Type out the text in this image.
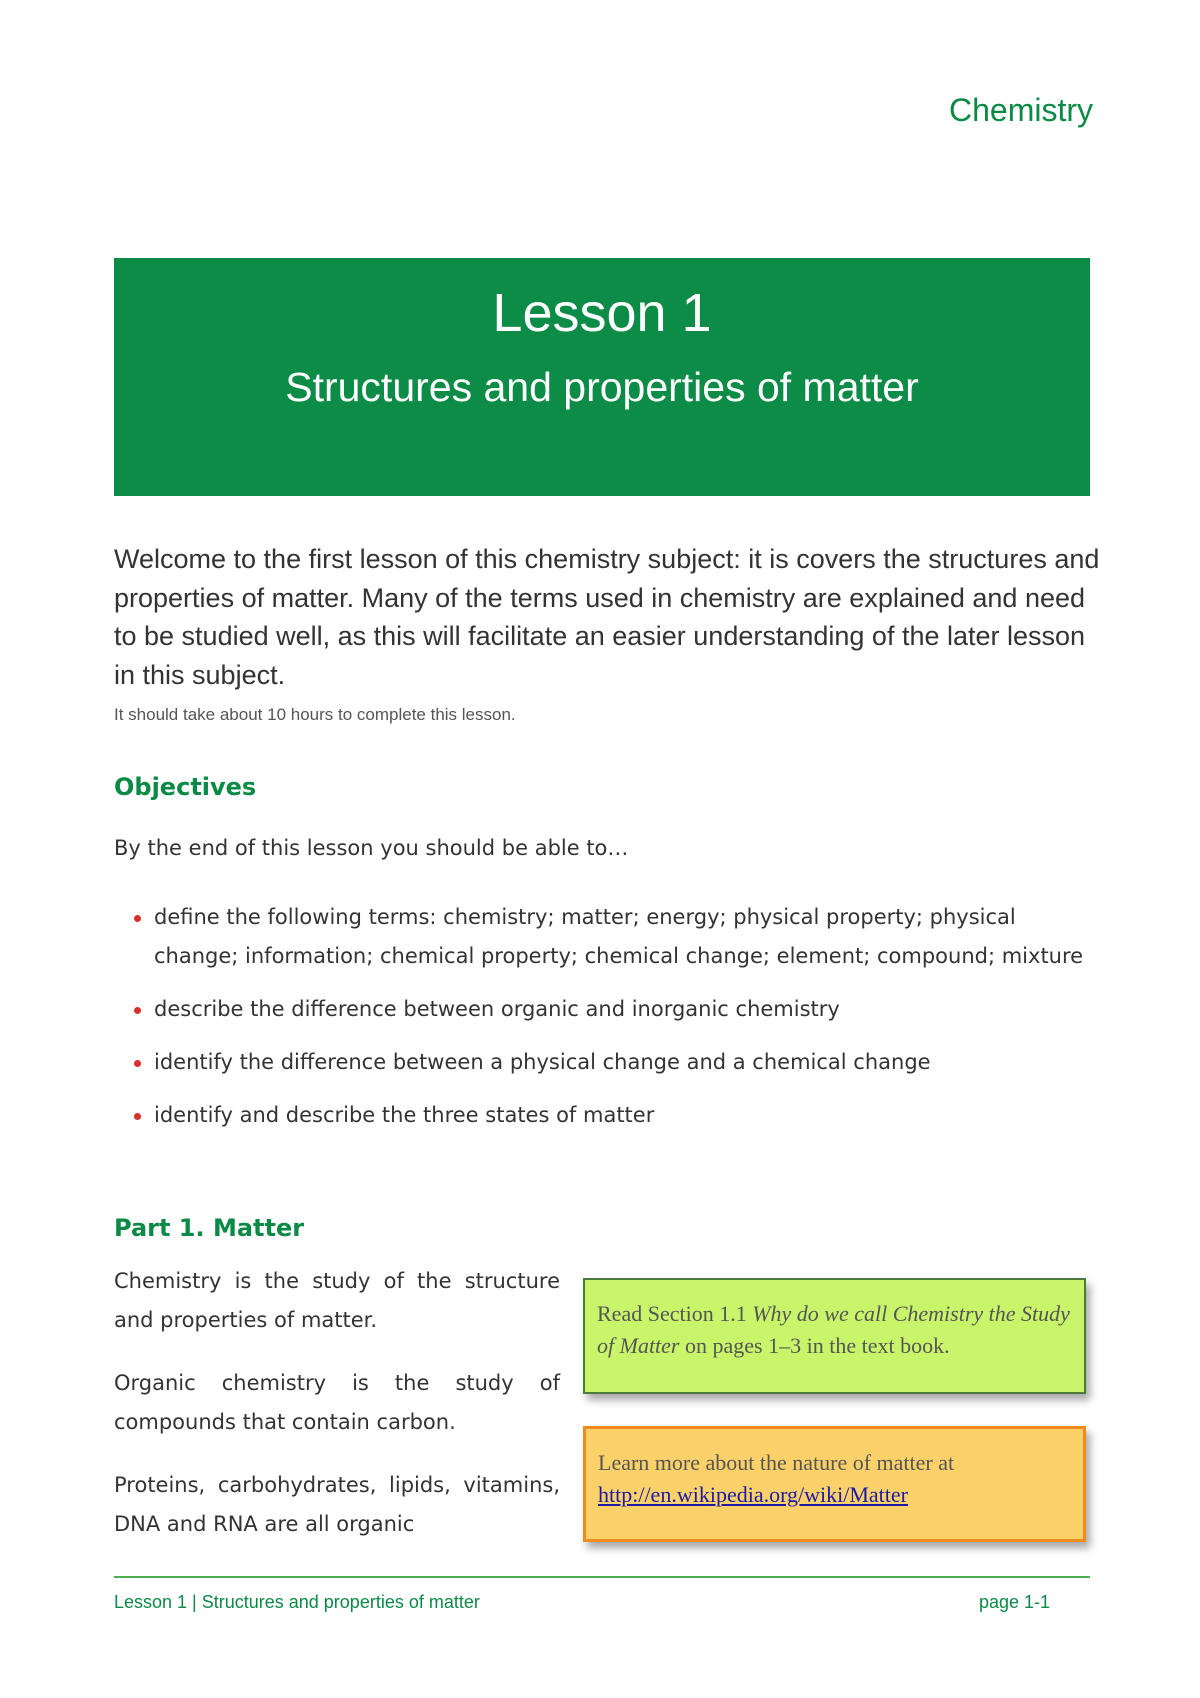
Chemistry

Lesson 1
Structures and properties of matter

Welcome to the first lesson of this chemistry subject: it is covers the structures and properties of matter. Many of the terms used in chemistry are explained and need to be studied well, as this will facilitate an easier understanding of the later lesson in this subject.

It should take about 10 hours to complete this lesson.

Objectives

By the end of this lesson you should be able to…

define the following terms: chemistry; matter; energy; physical property; physical change; information; chemical property; chemical change; element; compound; mixture
describe the difference between organic and inorganic chemistry
identify the difference between a physical change and a chemical change
identify and describe the three states of matter
Part 1. Matter

Chemistry is the study of the structure and properties of matter.

Organic chemistry is the study of compounds that contain carbon.

Proteins, carbohydrates, lipids, vitamins, DNA and RNA are all organic

Read Section 1.1 Why do we call Chemistry the Study of Matter on pages 1–3 in the text book.
Learn more about the nature of matter at http://en.wikipedia.org/wiki/Matter

Lesson 1 | Structures and properties of matter	page 1-1
